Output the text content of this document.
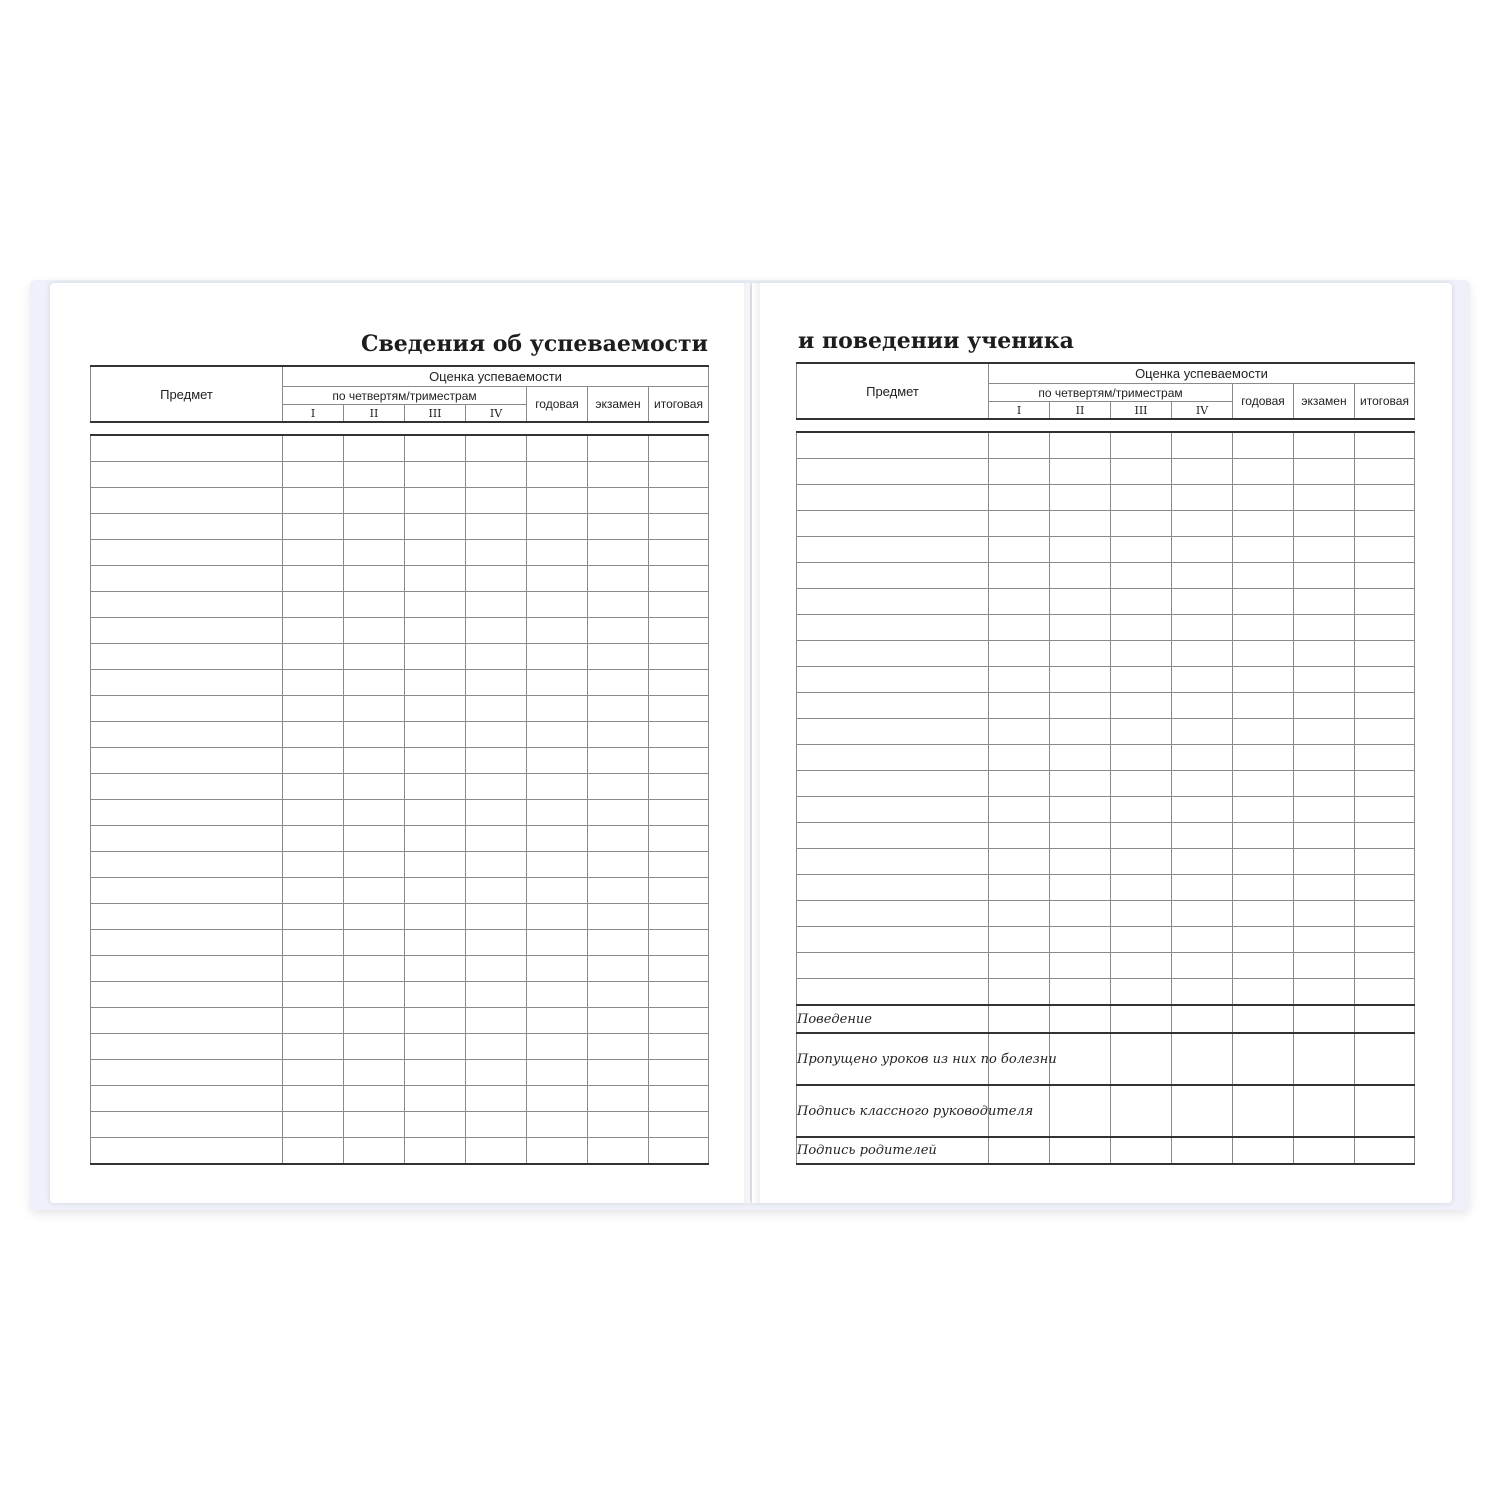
Сведения об успеваемости	и поведении ученика
Предмет	Оценка успеваемости						
	по четвертям/триместрам				годовая	экзамен	итоговая
	I	II	III	IV			

Предмет	Оценка успеваемости						
	по четвертям/триместрам				годовая	экзамен	итоговая
	I	II	III	IV			

Поведение							
Пропущено уроков из них по болезни							
Подпись классного руководителя							
Подпись родителей							
